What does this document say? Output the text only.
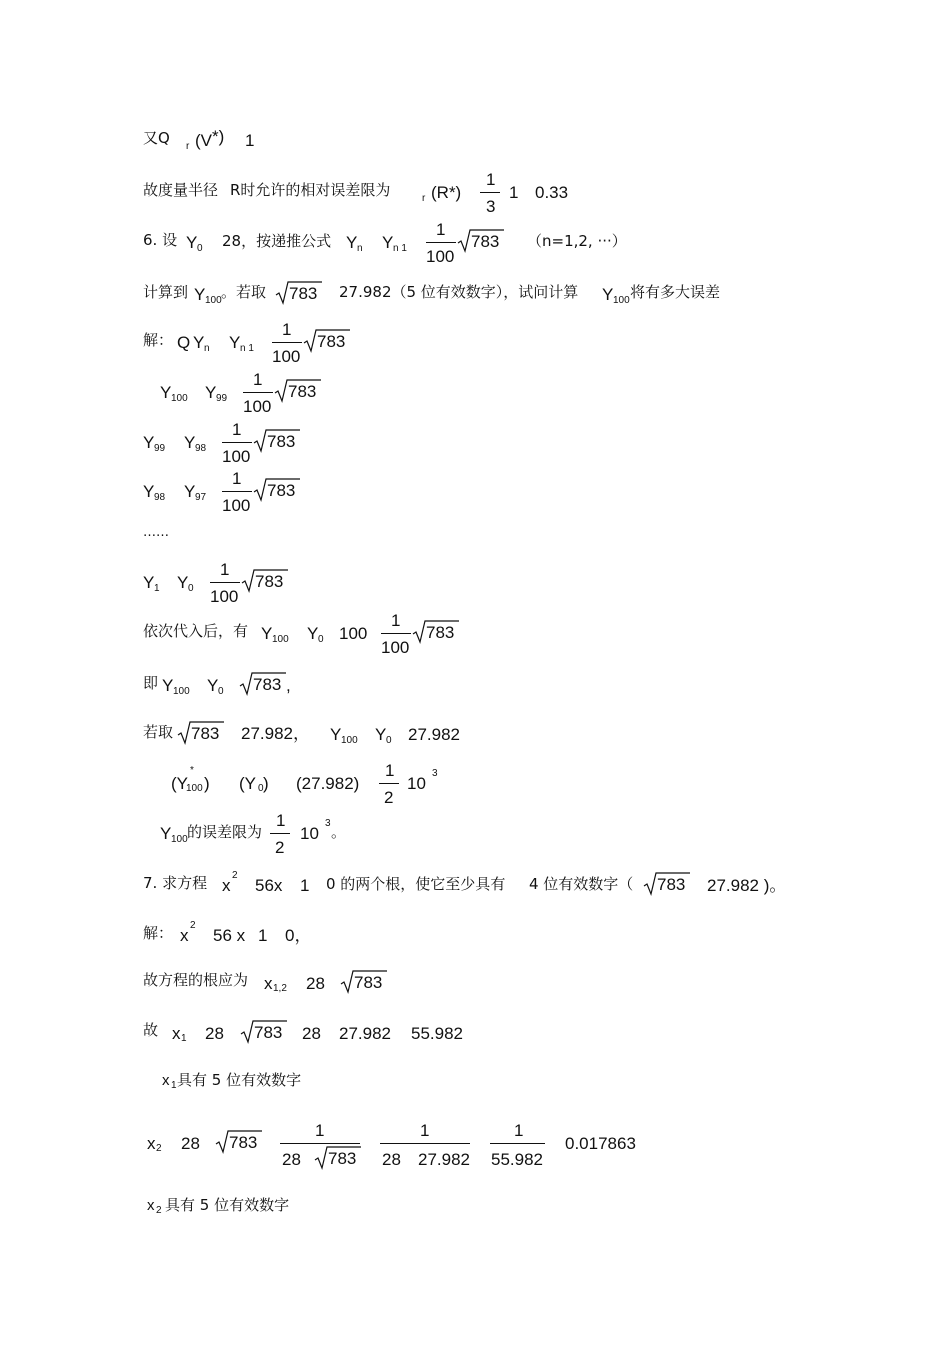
又Q r (V *) 1
故度量半径 R时允许的相对误差限为	r (R*)
1
3
1 0.33
6. 设 Y 0 28，按递推公式 Y n Y n 1
1
100
783 （n=1,2, ···）
计算到 Y 100 。若取 783 27.982（5 位有效数字），试问计算 Y 100 将有多大误差
解： Q Y n Y n 1
1
100
783
Y 100 Y 99
1
100
783
Y 99 Y 98
1
100
783
Y 98 Y 97
1
100
783
……
Y 1 Y 0
1
100
783
依次代入后，有 Y 100 Y 0 100
1
100
783
即 Y 100 Y 0 783 ,
若取 783 27.982， Y 100 Y 0 27.982
(Y
*
100 ) (Y 0 ) (27.982)
1
2
10
3
Y 100 的误差限为
1
2
10
3 。
7. 求方程 x
2
56x 1 0 的两个根，使它至少具有 4 位有效数字（ 783 27.982 )。
解： x
2
56 x 1 0，
故方程的根应为 x 1,2 28 783
故 x 1 28 783 28 27.982 55.982
x 1 具有 5 位有效数字
x 2 28 783
1
28 783
1
28 27.982
1
55.982
0.017863
x 2 具有 5 位有效数字
